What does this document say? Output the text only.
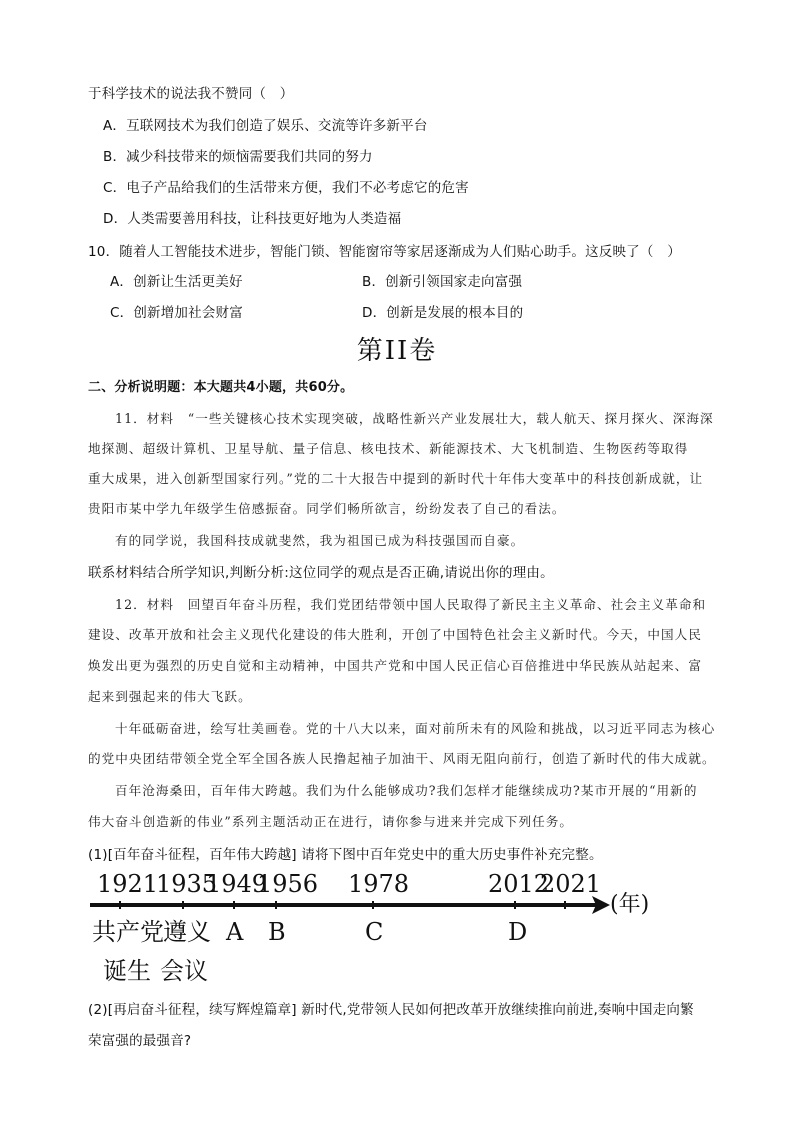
于科学技术的说法我不赞同（　）
A．互联网技术为我们创造了娱乐、交流等许多新平台
B．减少科技带来的烦恼需要我们共同的努力
C．电子产品给我们的生活带来方便，我们不必考虑它的危害
D．人类需要善用科技，让科技更好地为人类造福
10．随着人工智能技术进步，智能门锁、智能窗帘等家居逐渐成为人们贴心助手。这反映了（　）
A．创新让生活更美好	B．创新引领国家走向富强
C．创新增加社会财富	D．创新是发展的根本目的
第II卷
二、分析说明题：本大题共4小题，共60分。
11．材料　“一些关键核心技术实现突破，战略性新兴产业发展壮大，载人航天、探月探火、深海深
地探测、超级计算机、卫星导航、量子信息、核电技术、新能源技术、大飞机制造、生物医药等取得
重大成果，进入创新型国家行列。”党的二十大报告中提到的新时代十年伟大变革中的科技创新成就，让
贵阳市某中学九年级学生倍感振奋。同学们畅所欲言，纷纷发表了自己的看法。
有的同学说，我国科技成就斐然，我为祖国已成为科技强国而自豪。
联系材料结合所学知识,判断分析:这位同学的观点是否正确,请说出你的理由。
12．材料　回望百年奋斗历程，我们党团结带领中国人民取得了新民主主义革命、社会主义革命和
建设、改革开放和社会主义现代化建设的伟大胜利，开创了中国特色社会主义新时代。今天，中国人民
焕发出更为强烈的历史自觉和主动精神，中国共产党和中国人民正信心百倍推进中华民族从站起来、富
起来到强起来的伟大飞跃。
十年砥砺奋进，绘写壮美画卷。党的十八大以来，面对前所未有的风险和挑战，以习近平同志为核心
的党中央团结带领全党全军全国各族人民撸起袖子加油干、风雨无阻向前行，创造了新时代的伟大成就。
百年沧海桑田，百年伟大跨越。我们为什么能够成功?我们怎样才能继续成功?某市开展的“用新的
伟大奋斗创造新的伟业”系列主题活动正在进行，请你参与进来并完成下列任务。
(1)[百年奋斗征程，百年伟大跨越] 请将下图中百年党史中的重大历史事件补充完整。
1921
1935
1949
1956 1978	2012
2021
(年)
共产党 遵义 A B	C	D
诞生 会议
(2)[再启奋斗征程，续写辉煌篇章] 新时代,党带领人民如何把改革开放继续推向前进,奏响中国走向繁
荣富强的最强音?
